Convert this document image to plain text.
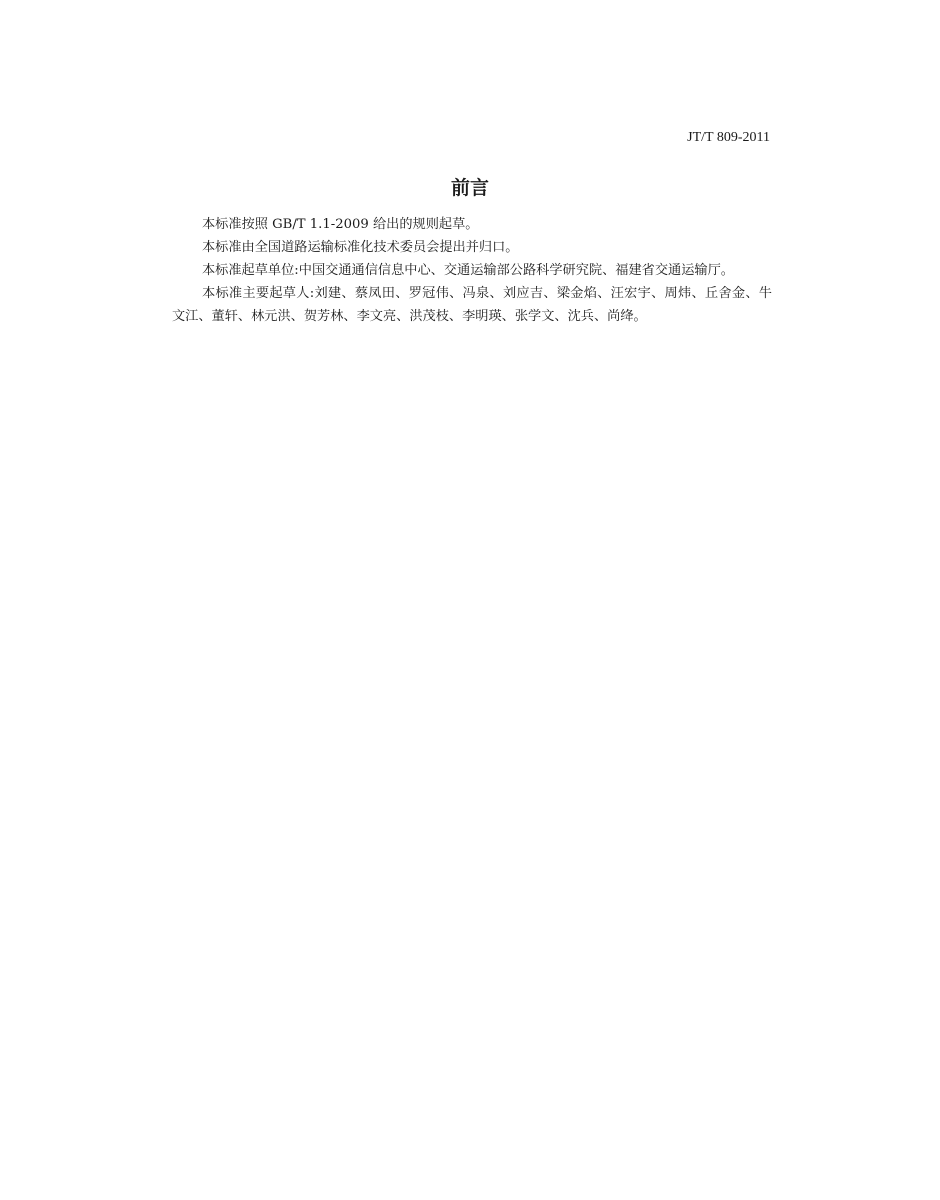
JT/T 809-2011

前言

本标准按照 GB/T 1.1-2009 给出的规则起草。

本标准由全国道路运输标准化技术委员会提出并归口。

本标准起草单位:中国交通通信信息中心、交通运输部公路科学研究院、福建省交通运输厅。

本标准主要起草人:刘建、蔡凤田、罗冠伟、冯泉、刘应吉、梁金焰、汪宏宇、周炜、丘舍金、牛文江、董轩、林元洪、贺芳林、李文亮、洪茂枝、李明瑛、张学文、沈兵、尚绛。
